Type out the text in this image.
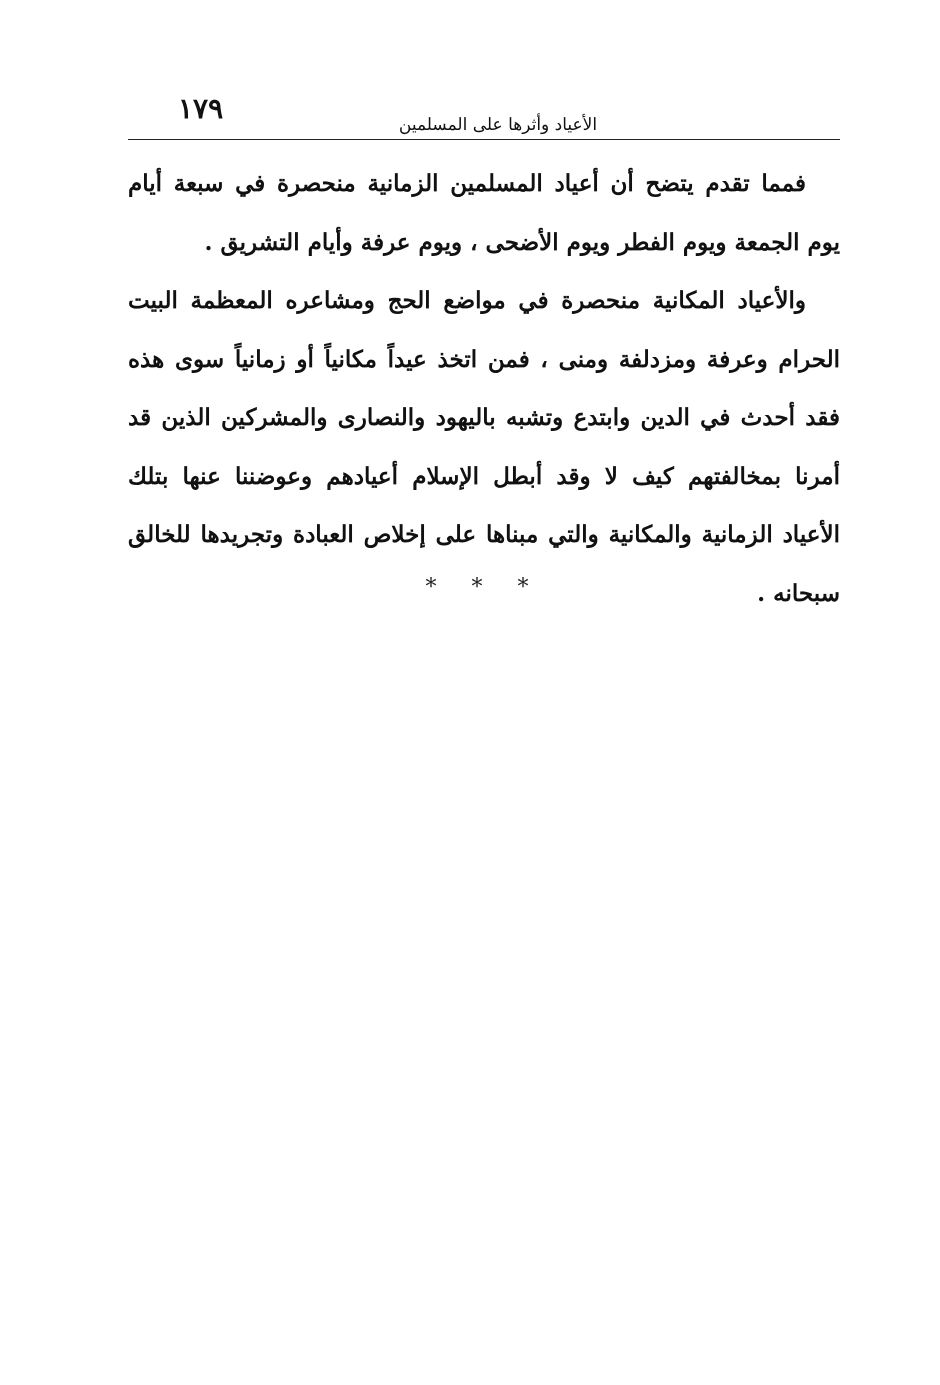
١٧٩	الأعياد وأثرها على المسلمين

فمما تقدم يتضح أن أعياد المسلمين الزمانية منحصرة في سبعة أيام يوم الجمعة ويوم الفطر ويوم الأضحى ، ويوم عرفة وأيام التشريق .

والأعياد المكانية منحصرة في مواضع الحج ومشاعره المعظمة البيت الحرام وعرفة ومزدلفة ومنى ، فمن اتخذ عيداً مكانياً أو زمانياً سوى هذه فقد أحدث في الدين وابتدع وتشبه باليهود والنصارى والمشركين الذين قد أمرنا بمخالفتهم كيف لا وقد أبطل الإسلام أعيادهم وعوضننا عنها بتلك الأعياد الزمانية والمكانية والتي مبناها على إخلاص العبادة وتجريدها للخالق سبحانه .

* * *
